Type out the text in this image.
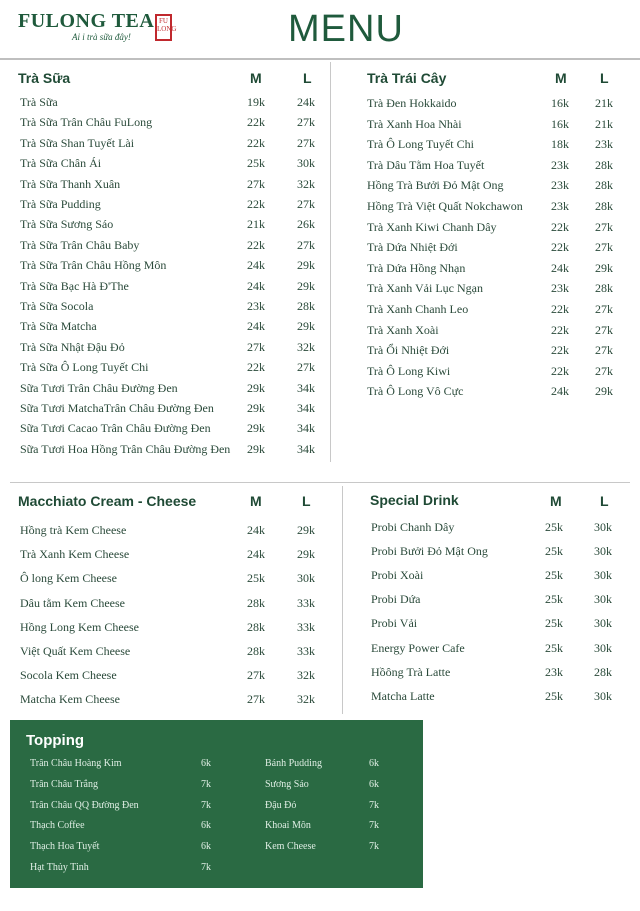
FULONG TEA
Ai i trà sữa đây!
FU LONG	MENU
Trà Sữa	M	L	Trà Trái Cây	M L
Macchiato Cream - Cheese	M	L	Special Drink	M	L
Topping
Trà Sữa	19k	24k
Trà Sữa Trân Châu FuLong	22k	27k
Trà Sữa Shan Tuyết Lài	22k	27k
Trà Sữa Chân Ái	25k	30k
Trà Sữa Thanh Xuân	27k	32k
Trà Sữa Pudding	22k	27k
Trà Sữa Sương Sáo	21k	26k
Trà Sữa Trân Châu Baby	22k	27k
Trà Sữa Trân Châu Hồng Môn	24k	29k
Trà Sữa Bạc Hà Đ'The	24k	29k
Trà Sữa Socola	23k	28k
Trà Sữa Matcha	24k	29k
Trà Sữa Nhật Đậu Đỏ	27k	32k
Trà Sữa Ô Long Tuyết Chi	22k	27k
Sữa Tươi Trân Châu Đường Đen	29k	34k
Sữa Tươi MatchaTrân Châu Đường Đen	29k	34k
Sữa Tươi Cacao Trân Châu Đường Đen	29k	34k
Sữa Tươi Hoa Hồng Trân Châu Đường Đen 29k	34k
Trà Đen Hokkaido	16k 21k
Trà Xanh Hoa Nhài	16k 21k
Trà Ô Long Tuyết Chi	18k 23k
Trà Dâu Tằm Hoa Tuyết	23k 28k
Hồng Trà Bưởi Đỏ Mật Ong	23k 28k
Hồng Trà Việt Quất Nokchawon 23k 28k
Trà Xanh Kiwi Chanh Dây	22k 27k
Trà Dứa Nhiệt Đới	22k 27k
Trà Dứa Hồng Nhạn	24k 29k
Trà Xanh Vải Lục Ngạn	23k 28k
Trà Xanh Chanh Leo	22k 27k
Trà Xanh Xoài	22k 27k
Trà Ổi Nhiệt Đới	22k 27k
Trà Ô Long Kiwi	22k 27k
Trà Ô Long Vô Cực	24k 29k
Hồng trà Kem Cheese	24k	29k
Trà Xanh Kem Cheese	24k	29k
Ô long Kem Cheese	25k	30k
Dâu tằm Kem Cheese	28k	33k
Hồng Long Kem Cheese	28k	33k
Việt Quất Kem Cheese	28k	33k
Socola Kem Cheese	27k	32k
Matcha Kem Cheese	27k	32k
Probi Chanh Dây	25k	30k
Probi Bưởi Đỏ Mật Ong	25k	30k
Probi Xoài	25k	30k
Probi Dứa	25k	30k
Probi Vải	25k	30k
Energy Power Cafe	25k	30k
Hồông Trà Latte	23k	28k
Matcha Latte	25k	30k
Trân Châu Hoàng Kim	6k
Trân Châu Trắng	7k
Trân Châu QQ Đường Đen	7k
Thạch Coffee	6k
Thạch Hoa Tuyết	6k
Hạt Thủy Tinh	7k
Bánh Pudding	6k
Sương Sáo	6k
Đậu Đỏ	7k
Khoai Môn	7k
Kem Cheese	7k
